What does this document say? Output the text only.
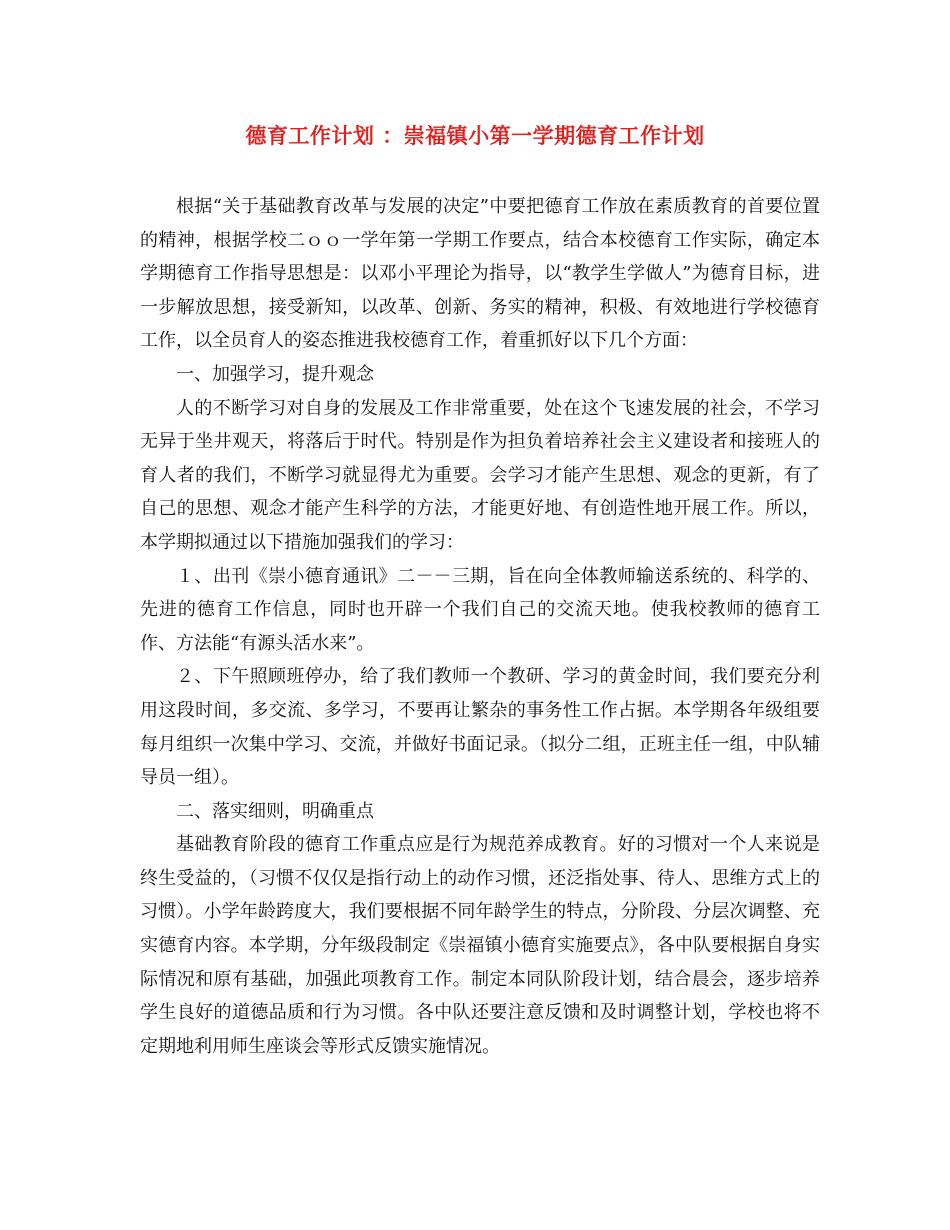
德育工作计划 ：崇福镇小第一学期德育工作计划

根据“关于基础教育改革与发展的决定”中要把德育工作放在素质教育的首要位置的精神，根据学校二ｏｏ一学年第一学期工作要点，结合本校德育工作实际，确定本学期德育工作指导思想是：以邓小平理论为指导，以“教学生学做人”为德育目标，进一步解放思想，接受新知，以改革、创新、务实的精神，积极、有效地进行学校德育工作，以全员育人的姿态推进我校德育工作，着重抓好以下几个方面：

一、加强学习，提升观念

人的不断学习对自身的发展及工作非常重要，处在这个飞速发展的社会，不学习无异于坐井观天，将落后于时代。特别是作为担负着培养社会主义建设者和接班人的育人者的我们，不断学习就显得尤为重要。会学习才能产生思想、观念的更新，有了自己的思想、观念才能产生科学的方法，才能更好地、有创造性地开展工作。所以，本学期拟通过以下措施加强我们的学习：

１、出刊《崇小德育通讯》二－－三期，旨在向全体教师输送系统的、科学的、先进的德育工作信息，同时也开辟一个我们自己的交流天地。使我校教师的德育工作、方法能“有源头活水来”。

２、下午照顾班停办，给了我们教师一个教研、学习的黄金时间，我们要充分利用这段时间，多交流、多学习，不要再让繁杂的事务性工作占据。本学期各年级组要每月组织一次集中学习、交流，并做好书面记录。（拟分二组，正班主任一组，中队辅导员一组）。

二、落实细则，明确重点

基础教育阶段的德育工作重点应是行为规范养成教育。好的习惯对一个人来说是终生受益的，（习惯不仅仅是指行动上的动作习惯，还泛指处事、待人、思维方式上的习惯）。小学年龄跨度大，我们要根据不同年龄学生的特点，分阶段、分层次调整、充实德育内容。本学期，分年级段制定《崇福镇小德育实施要点》，各中队要根据自身实际情况和原有基础，加强此项教育工作。制定本同队阶段计划，结合晨会，逐步培养学生良好的道德品质和行为习惯。各中队还要注意反馈和及时调整计划，学校也将不定期地利用师生座谈会等形式反馈实施情况。
